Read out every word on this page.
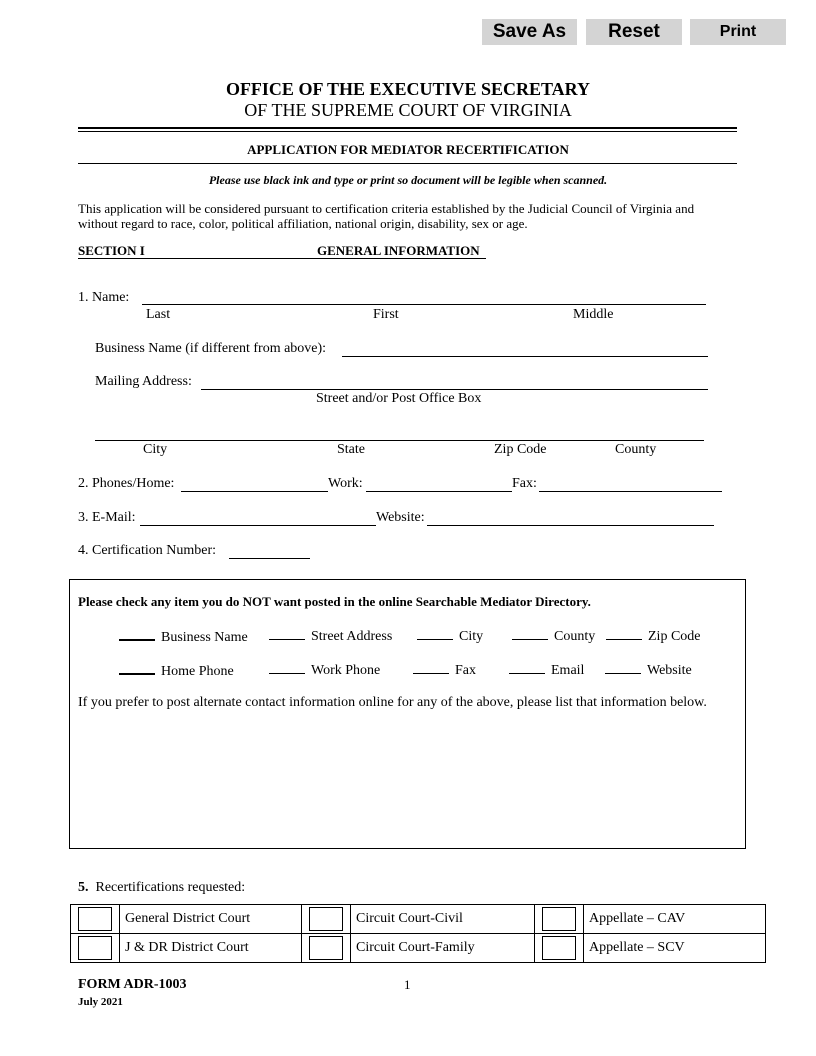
Save As	Reset	Print
OFFICE OF THE EXECUTIVE SECRETARY
OF THE SUPREME COURT OF VIRGINIA
APPLICATION FOR MEDIATOR RECERTIFICATION
Please use black ink and type or print so document will be legible when scanned.
This application will be considered pursuant to certification criteria established by the Judicial Council of Virginia and
without regard to race, color, political affiliation, national origin, disability, sex or age.
SECTION I	GENERAL INFORMATION
1. Name:
Last	First	Middle
Business Name (if different from above):
Mailing Address:
Street and/or Post Office Box
City	State	Zip Code	County
2. Phones/Home:	Work:	Fax:
3. E-Mail:	Website:
4. Certification Number:
Please check any item you do NOT want posted in the online Searchable Mediator Directory.
Business Name	Street Address	City	County	Zip Code
Home Phone	Work Phone	Fax	Email	Website
If you prefer to post alternate contact information online for any of the above, please list that information below.
5. Recertifications requested:
	General District Court		Circuit Court-Civil		Appellate – CAV

	J & DR District Court		Circuit Court-Family		Appellate – SCV
FORM ADR-1003
July 2021
1
